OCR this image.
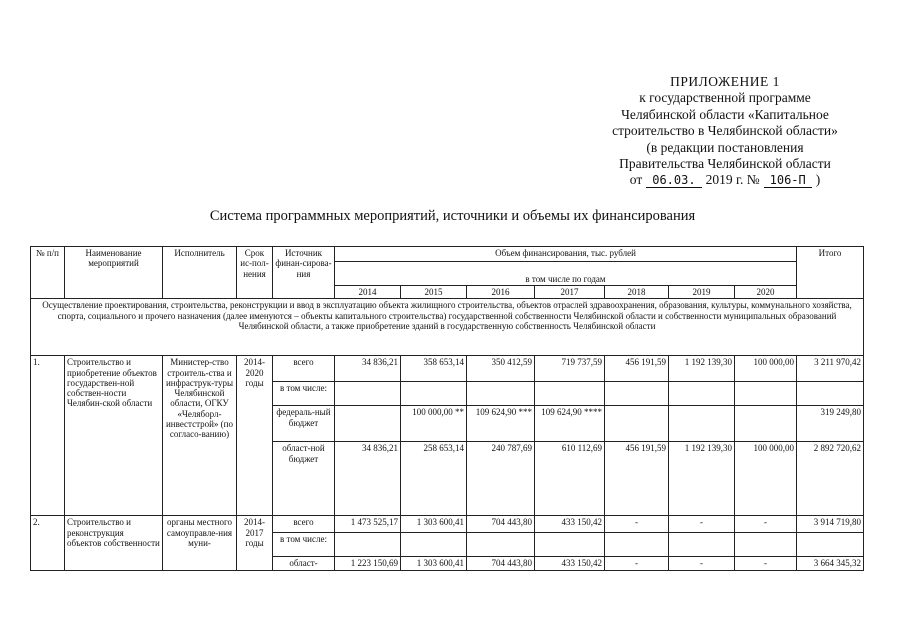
ПРИЛОЖЕНИЕ 1
к государственной программе
Челябинской области «Капитальное
строительство в Челябинской области»
(в редакции постановления
Правительства Челябинской области
от 06.03. 2019 г. № 106-П )
Система программных мероприятий, источники и объемы их финансирования
№ п/п	Наименование мероприятий	Исполнитель	Срок ис-пол-нения	Источник финан-сирова-ния	Объем финансирования, тыс. рублей							Итого
					в том числе по годам							
					2014	2015	2016	2017	2018	2019	2020	
Осуществление проектирования, строительства, реконструкции и ввод в эксплуатацию объекта жилищного строительства, объектов отраслей здравоохранения, образования, культуры, коммунального хозяйства, спорта, социального и прочего назначения (далее именуются – объекты капитального строительства) государственной собственности Челябинской области и собственности муниципальных образований Челябинской области, а также приобретение зданий в государственную собственность Челябинской области												
1.	Строительство и приобретение объектов государствен-ной собствен-ности Челябин-ской области	Министер-ство строитель-ства и инфраструк-туры Челябинской области, ОГКУ «Челяборл-инвестстрой» (по согласо-ванию)	2014-2020 годы	всего	34 836,21	358 653,14	350 412,59	719 737,59	456 191,59	1 192 139,30	100 000,00	3 211 970,42
				в том числе:								
				федераль-ный бюджет		100 000,00 **	109 624,90 ***	109 624,90 ****				319 249,80
				област-ной бюджет	34 836,21	258 653,14	240 787,69	610 112,69	456 191,59	1 192 139,30	100 000,00	2 892 720,62
2.	Строительство и реконструкция объектов собственности	органы местного самоуправле-ния муни-	2014-2017 годы	всего	1 473 525,17	1 303 600,41	704 443,80	433 150,42	-	-	-	3 914 719,80
				в том числе:								
				област-	1 223 150,69	1 303 600,41	704 443,80	433 150,42	-	-	-	3 664 345,32
